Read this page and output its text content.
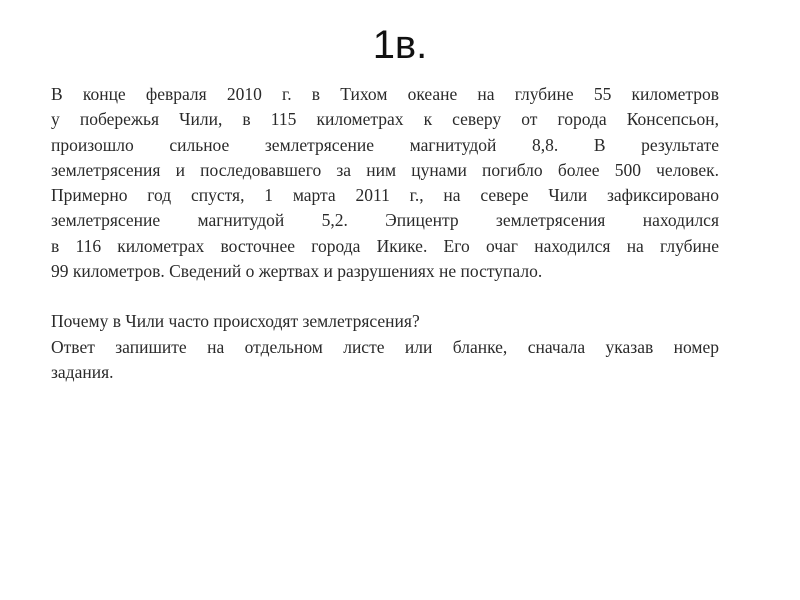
1в.

В конце февраля 2010 г. в Тихом океане на глубине 55 километров
у побережья Чили, в 115 километрах к северу от города Консепсьон,
произошло сильное землетрясение магнитудой 8,8. В результате
землетрясения и последовавшего за ним цунами погибло более 500 человек.
Примерно год спустя, 1 марта 2011 г., на севере Чили зафиксировано
землетрясение магнитудой 5,2. Эпицентр землетрясения находился
в 116 километрах восточнее города Икике. Его очаг находился на глубине
99 километров. Сведений о жертвах и разрушениях не поступало.

Почему в Чили часто происходят землетрясения?
Ответ запишите на отдельном листе или бланке, сначала указав номер
задания.
